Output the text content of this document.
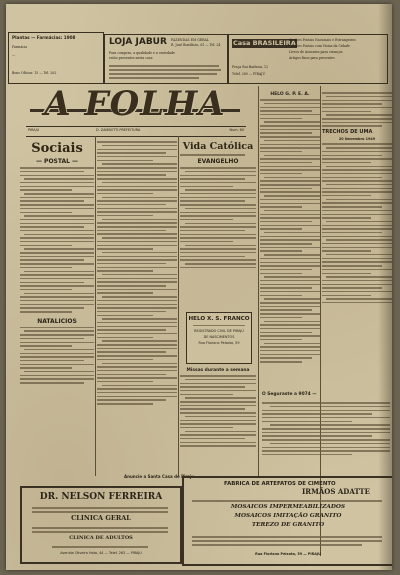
Plantas — Farmácias: 1908
Farmácia
—
Bons Ofícios: 15 — Tel. 262
LOJA JABUR FAZENDAS EM GERAL
R. José Bonifácio, 61 — Tel. 24
Para compras, a qualidade e a variedade
estão presentes nesta casa
Casa BRASILEIRA
Cartões Postais Nacionais e Estrangeiros
Cartões Postais com Vistas da Cidade
Livros de Assuntos para crianças
Artigos finos para presentes
Praça Rui Barbosa, 12
Telef. 280 — PIRAJÚ
A FOLHA
PIRAJU	D. ZAMBOTTI PREFEITURA	Num. 60
Sociais
— POSTAL —
NATALICIOS
Vida Católica
EVANGELHO
HELO X. S. FRANCO
REGISTRADO CIVIL DE PIRAJÚ
DE NASCIMENTOS
Rua Floriano Peixoto, 59
Missas durante a semana
Anuncie a Santa Casa de Piraju
HELO G. P. E. A.
TRECHOS DE UMA
20 Novembro 1949
O Seguraste a 9074 —
DR. NELSON FERREIRA
CLINICA GERAL
CLINICA DE ADULTOS
Avenida Oliveira Hota, 44 — Telef. 263 — PIRAJU
FABRICA DE ARTEFATOS DE CIMENTO
IRMÃOS ADATTE
MOSAICOS IMPERMEABILIZADOS
MOSAICOS IMITAÇÃO GRANITO
TEREZO DE GRANITO
Rua Floriano Peixoto, 59 — PIRAJU
